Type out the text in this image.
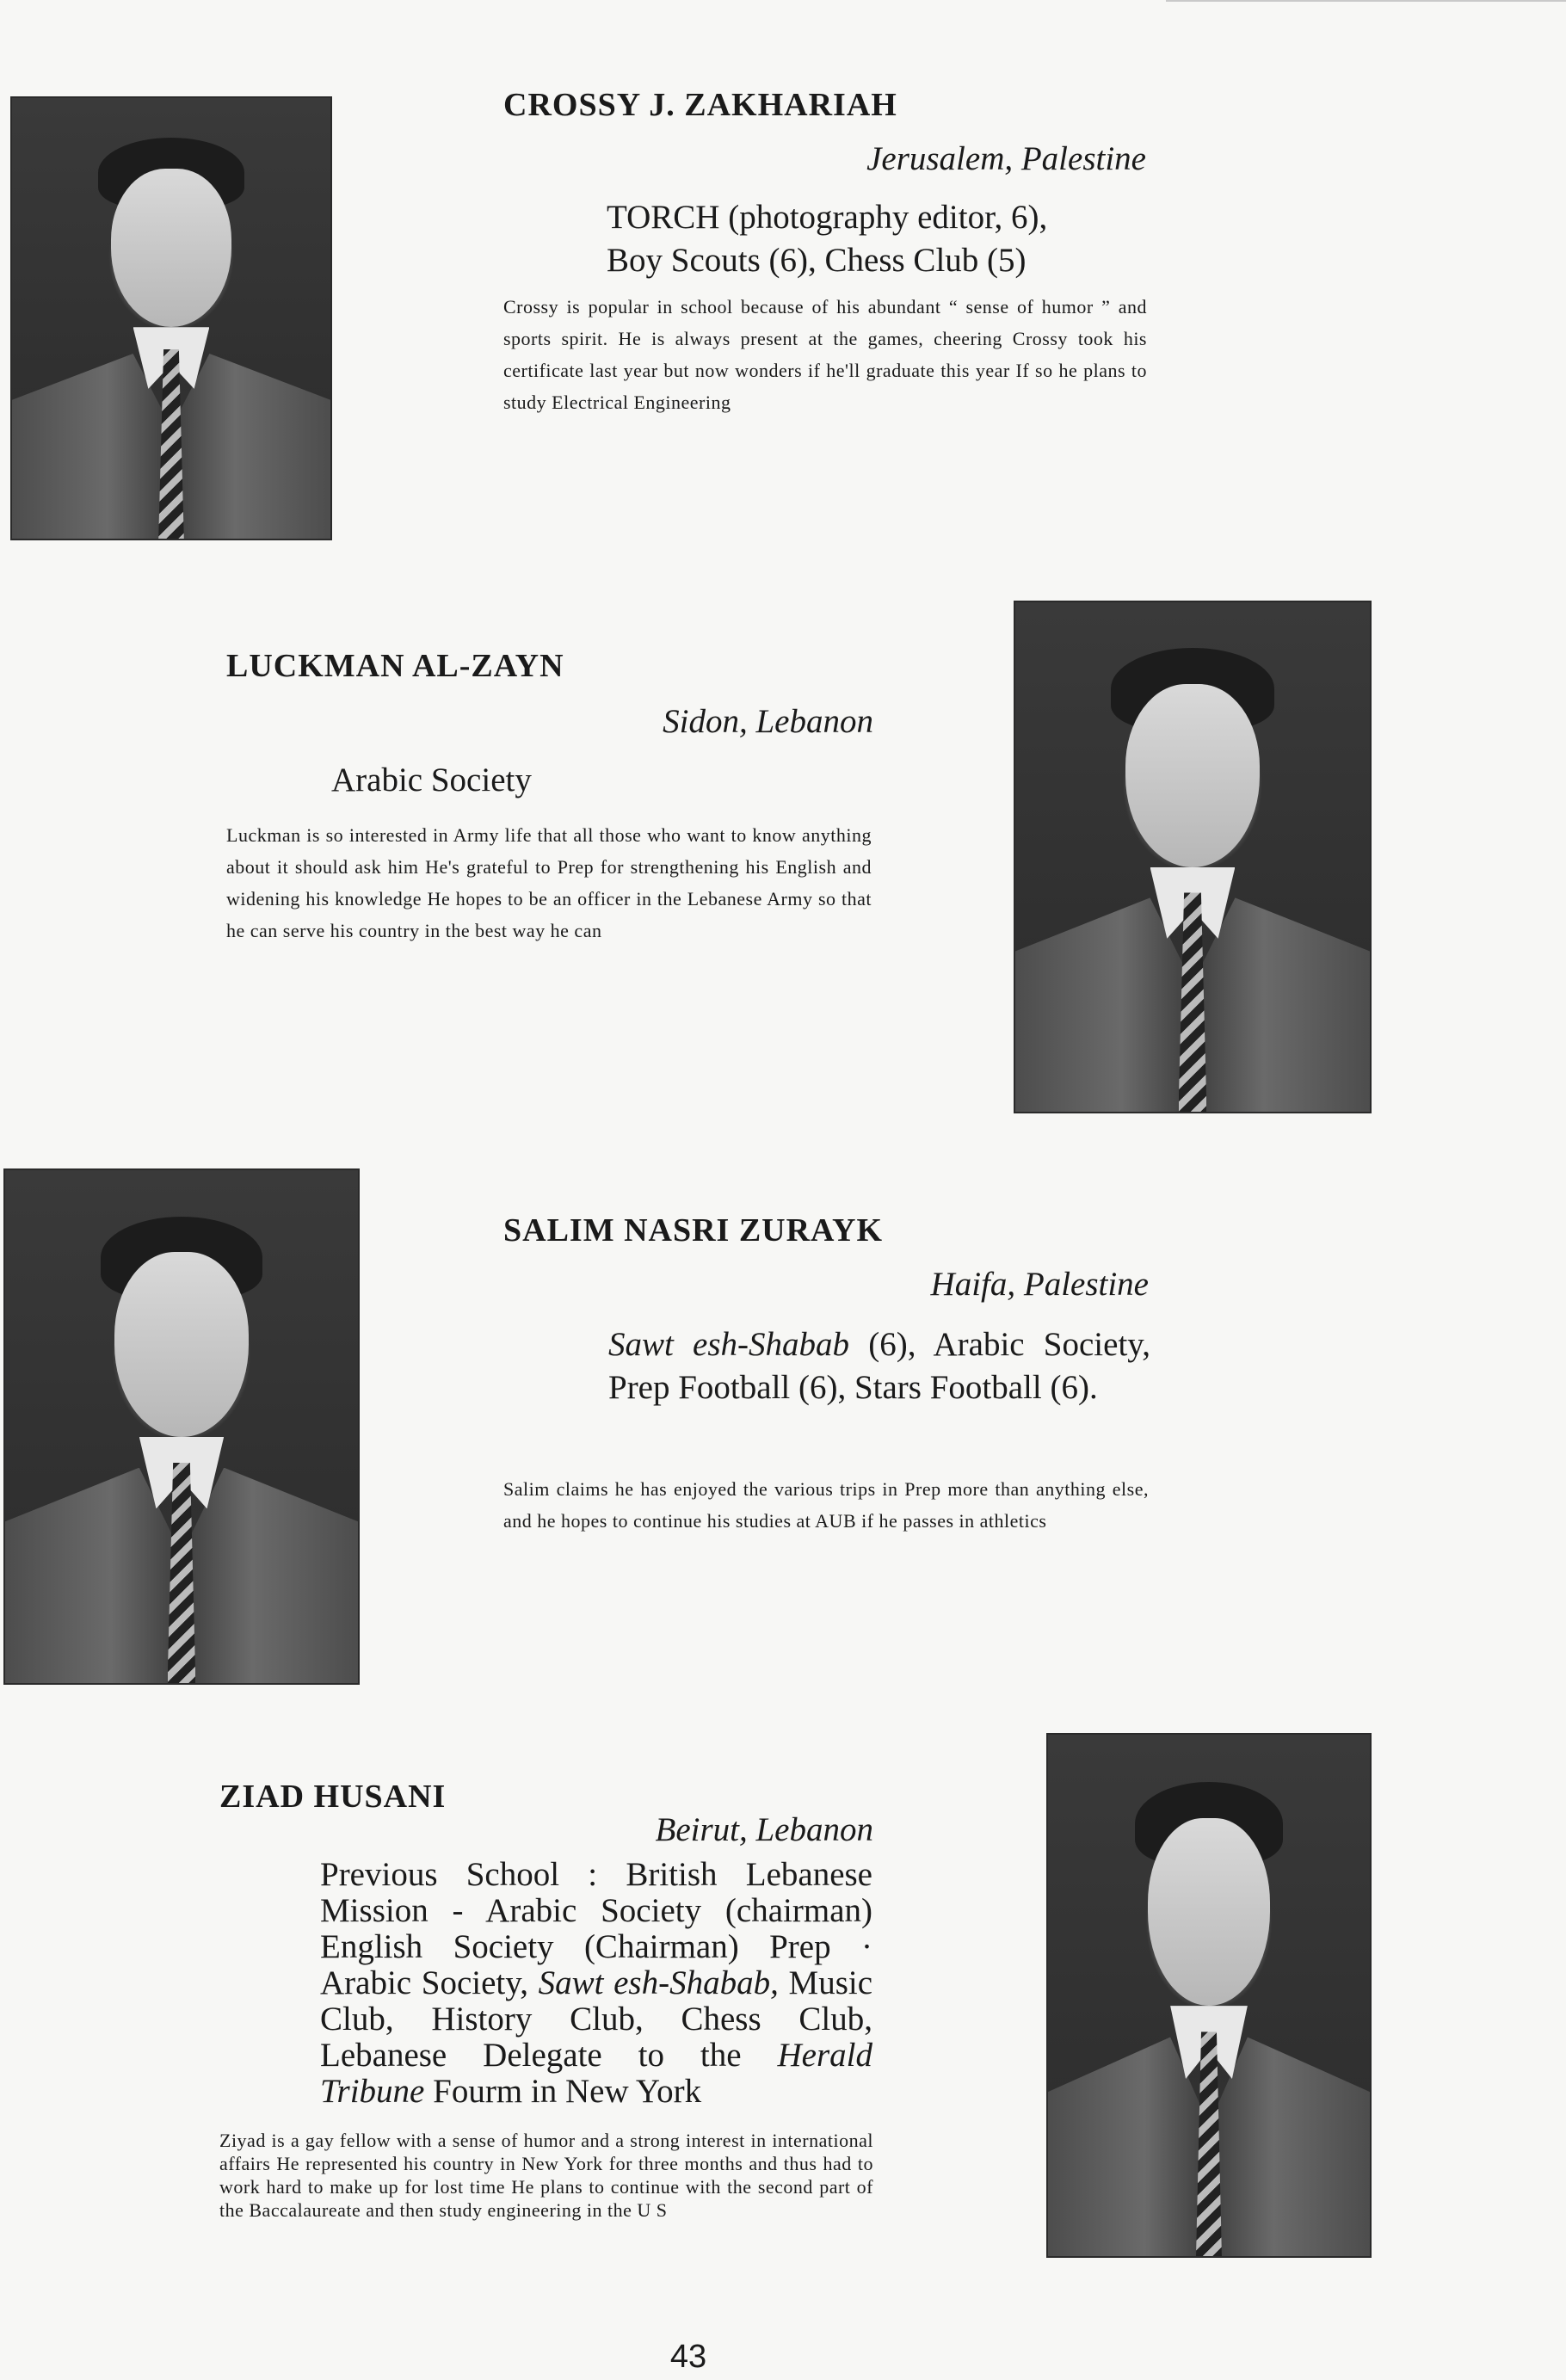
CROSSY J. ZAKHARIAH
Jerusalem, Palestine
TORCH (photography editor, 6),
Boy Scouts (6), Chess Club (5)
Crossy is popular in school because of his abundant “ sense of humor ” and sports spirit. He is always present at the games, cheering Crossy took his certificate last year but now wonders if he'll graduate this year If so he plans to study Electrical Engineering
LUCKMAN AL-ZAYN
Sidon, Lebanon
Arabic Society
Luckman is so interested in Army life that all those who want to know anything about it should ask him He's grateful to Prep for strengthening his English and widening his knowledge He hopes to be an officer in the Lebanese Army so that he can serve his country in the best way he can
SALIM NASRI ZURAYK
Haifa, Palestine
Sawt esh-Shabab (6), Arabic Society, Prep Football (6), Stars Football (6).
Salim claims he has enjoyed the various trips in Prep more than anything else, and he hopes to continue his studies at AUB if he passes in athletics
ZIAD HUSANI
Beirut, Lebanon
Previous School : British Lebanese Mission - Arabic Society (chairman) English Society (Chairman) Prep · Arabic Society, Sawt esh-Shabab, Music Club, History Club, Chess Club, Lebanese Delegate to the Herald Tribune Fourm in New York
Ziyad is a gay fellow with a sense of humor and a strong interest in international affairs He represented his country in New York for three months and thus had to work hard to make up for lost time He plans to continue with the second part of the Baccalaureate and then study engineering in the U S
43
